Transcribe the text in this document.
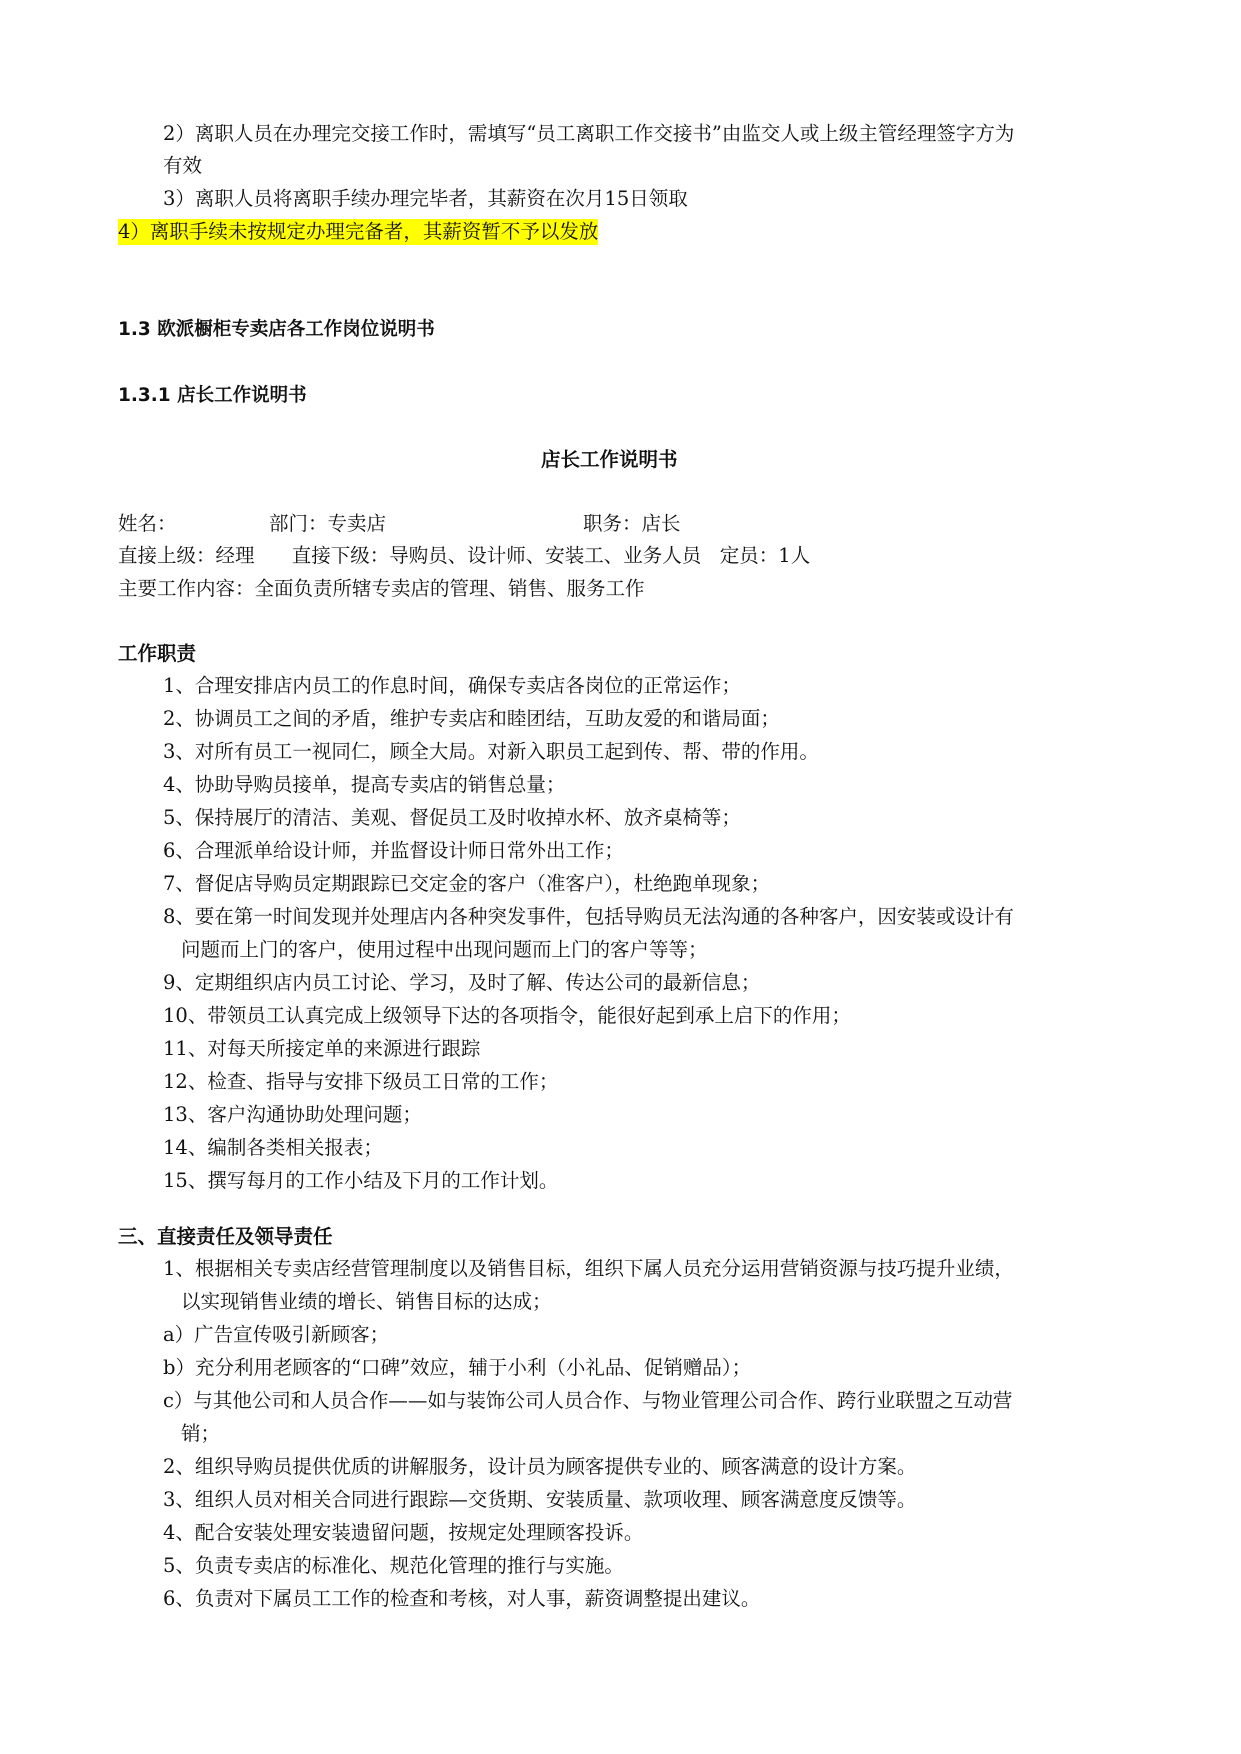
2）离职人员在办理完交接工作时，需填写“员工离职工作交接书”由监交人或上级主管经理签字方为
有效
3）离职人员将离职手续办理完毕者，其薪资在次月15日领取
4）离职手续未按规定办理完备者，其薪资暂不予以发放
1.3 欧派橱柜专卖店各工作岗位说明书
1.3.1 店长工作说明书
店长工作说明书
姓名：	部门：专卖店	职务：店长
直接上级：经理      直接下级：导购员、设计师、安装工、业务人员   定员：1人
主要工作内容：全面负责所辖专卖店的管理、销售、服务工作
工作职责
1、合理安排店内员工的作息时间，确保专卖店各岗位的正常运作；
2、协调员工之间的矛盾，维护专卖店和睦团结，互助友爱的和谐局面；
3、对所有员工一视同仁，顾全大局。对新入职员工起到传、帮、带的作用。
4、协助导购员接单，提高专卖店的销售总量；
5、保持展厅的清洁、美观、督促员工及时收掉水杯、放齐桌椅等；
6、合理派单给设计师，并监督设计师日常外出工作；
7、督促店导购员定期跟踪已交定金的客户（准客户），杜绝跑单现象；
8、要在第一时间发现并处理店内各种突发事件，包括导购员无法沟通的各种客户，因安装或设计有
问题而上门的客户，使用过程中出现问题而上门的客户等等；
9、定期组织店内员工讨论、学习，及时了解、传达公司的最新信息；
10、带领员工认真完成上级领导下达的各项指令，能很好起到承上启下的作用；
11、对每天所接定单的来源进行跟踪
12、检查、指导与安排下级员工日常的工作；
13、客户沟通协助处理问题；
14、编制各类相关报表；
15、撰写每月的工作小结及下月的工作计划。
三、直接责任及领导责任
1、根据相关专卖店经营管理制度以及销售目标，组织下属人员充分运用营销资源与技巧提升业绩，
以实现销售业绩的增长、销售目标的达成；
a）广告宣传吸引新顾客；
b）充分利用老顾客的“口碑”效应，辅于小利（小礼品、促销赠品）；
c）与其他公司和人员合作——如与装饰公司人员合作、与物业管理公司合作、跨行业联盟之互动营
销；
2、组织导购员提供优质的讲解服务，设计员为顾客提供专业的、顾客满意的设计方案。
3、组织人员对相关合同进行跟踪—交货期、安装质量、款项收理、顾客满意度反馈等。
4、配合安装处理安装遗留问题，按规定处理顾客投诉。
5、负责专卖店的标准化、规范化管理的推行与实施。
6、负责对下属员工工作的检查和考核，对人事，薪资调整提出建议。
